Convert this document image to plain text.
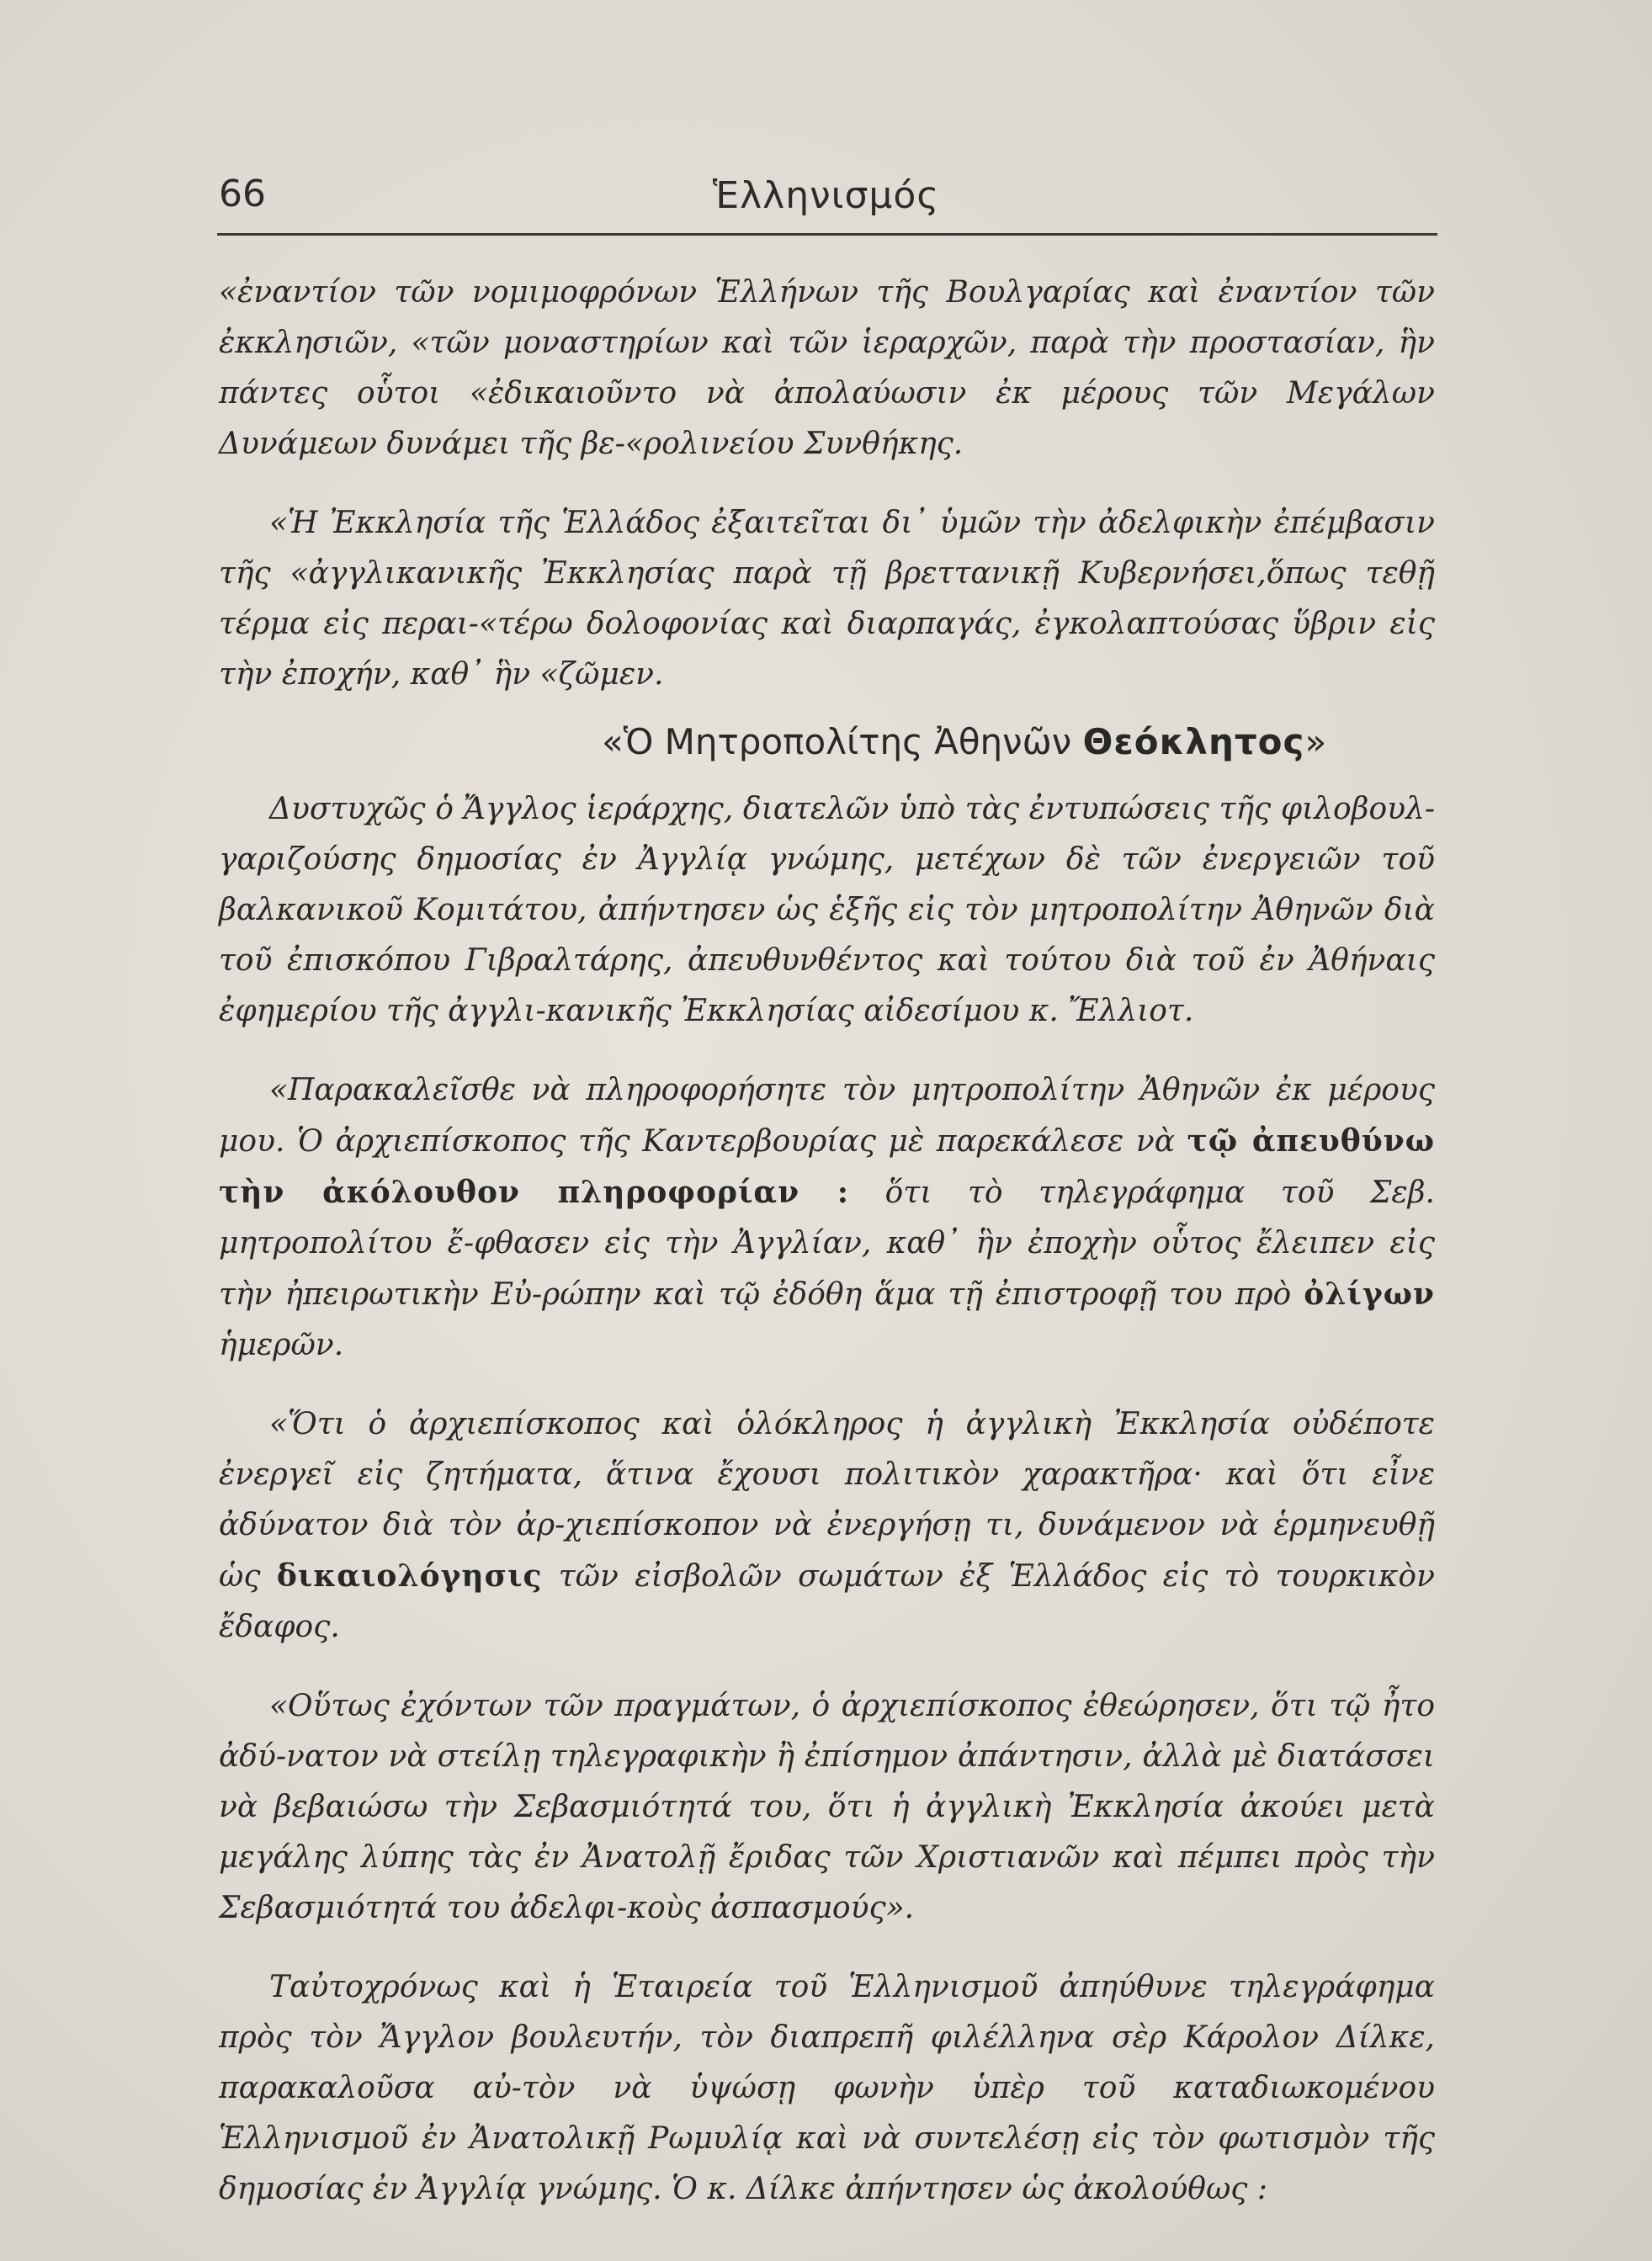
66	Ἑλληνισμός

«ἐναντίον τῶν νομιμοφρόνων Ἑλλήνων τῆς Βουλγαρίας καὶ ἐναντίον τῶν ἐκκλησιῶν, «τῶν μοναστηρίων καὶ τῶν ἱεραρχῶν, παρὰ τὴν προστασίαν, ἣν πάντες οὗτοι «ἐδικαιοῦντο νὰ ἀπολαύωσιν ἐκ μέρους τῶν Μεγάλων Δυνάμεων δυνάμει τῆς βε-«ρολινείου Συνθήκης.

«Ἡ Ἐκκλησία τῆς Ἑλλάδος ἐξαιτεῖται δι᾽ ὑμῶν τὴν ἀδελφικὴν ἐπέμβασιν τῆς «ἀγγλικανικῆς Ἐκκλησίας παρὰ τῇ βρεττανικῇ Κυβερνήσει,ὅπως τεθῇ τέρμα εἰς περαι-«τέρω δολοφονίας καὶ διαρπαγάς, ἐγκολαπτούσας ὕβριν εἰς τὴν ἐποχήν, καθ᾽ ἣν «ζῶμεν.

«Ὁ Μητροπολίτης Ἀθηνῶν Θεόκλητος»

Δυστυχῶς ὁ Ἄγγλος ἱεράρχης, διατελῶν ὑπὸ τὰς ἐντυπώσεις τῆς φιλοβουλ-γαριζούσης δημοσίας ἐν Ἀγγλίᾳ γνώμης, μετέχων δὲ τῶν ἐνεργειῶν τοῦ βαλκανικοῦ Κομιτάτου, ἀπήντησεν ὡς ἑξῆς εἰς τὸν μητροπολίτην Ἀθηνῶν διὰ τοῦ ἐπισκόπου Γιβραλτάρης, ἀπευθυνθέντος καὶ τούτου διὰ τοῦ ἐν Ἀθήναις ἐφημερίου τῆς ἀγγλι-κανικῆς Ἐκκλησίας αἰδεσίμου κ. Ἔλλιοτ.

«Παρακαλεῖσθε νὰ πληροφορήσητε τὸν μητροπολίτην Ἀθηνῶν ἐκ μέρους μου. Ὁ ἀρχιεπίσκοπος τῆς Καντερβουρίας μὲ παρεκάλεσε νὰ τῷ ἀπευθύνω τὴν ἀκόλουθον πληροφορίαν : ὅτι τὸ τηλεγράφημα τοῦ Σεβ. μητροπολίτου ἔ-φθασεν εἰς τὴν Ἀγγλίαν, καθ᾽ ἣν ἐποχὴν οὗτος ἔλειπεν εἰς τὴν ἠπειρωτικὴν Εὐ-ρώπην καὶ τῷ ἐδόθη ἅμα τῇ ἐπιστροφῇ του πρὸ ὀλίγων ἡμερῶν.

«Ὅτι ὁ ἀρχιεπίσκοπος καὶ ὁλόκληρος ἡ ἀγγλικὴ Ἐκκλησία οὐδέποτε ἐνεργεῖ εἰς ζητήματα, ἅτινα ἔχουσι πολιτικὸν χαρακτῆρα· καὶ ὅτι εἶνε ἀδύνατον διὰ τὸν ἀρ-χιεπίσκοπον νὰ ἐνεργήσῃ τι, δυνάμενον νὰ ἑρμηνευθῇ ὡς δικαιολόγησις τῶν εἰσβολῶν σωμάτων ἐξ Ἑλλάδος εἰς τὸ τουρκικὸν ἔδαφος.

«Οὕτως ἐχόντων τῶν πραγμάτων, ὁ ἀρχιεπίσκοπος ἐθεώρησεν, ὅτι τῷ ἦτο ἀδύ-νατον νὰ στείλῃ τηλεγραφικὴν ἢ ἐπίσημον ἀπάντησιν, ἀλλὰ μὲ διατάσσει νὰ βεβαιώσω τὴν Σεβασμιότητά του, ὅτι ἡ ἀγγλικὴ Ἐκκλησία ἀκούει μετὰ μεγάλης λύπης τὰς ἐν Ἀνατολῇ ἔριδας τῶν Χριστιανῶν καὶ πέμπει πρὸς τὴν Σεβασμιότητά του ἀδελφι-κοὺς ἀσπασμούς».

Ταὐτοχρόνως καὶ ἡ Ἑταιρεία τοῦ Ἑλληνισμοῦ ἀπηύθυνε τηλεγράφημα πρὸς τὸν Ἄγγλον βουλευτήν, τὸν διαπρεπῆ φιλέλληνα σὲρ Κάρολον Δίλκε, παρακαλοῦσα αὐ-τὸν νὰ ὑψώσῃ φωνὴν ὑπὲρ τοῦ καταδιωκομένου Ἑλληνισμοῦ ἐν Ἀνατολικῇ Ρωμυλίᾳ καὶ νὰ συντελέσῃ εἰς τὸν φωτισμὸν τῆς δημοσίας ἐν Ἀγγλίᾳ γνώμης. Ὁ κ. Δίλκε ἀπήντησεν ὡς ἀκολούθως :
